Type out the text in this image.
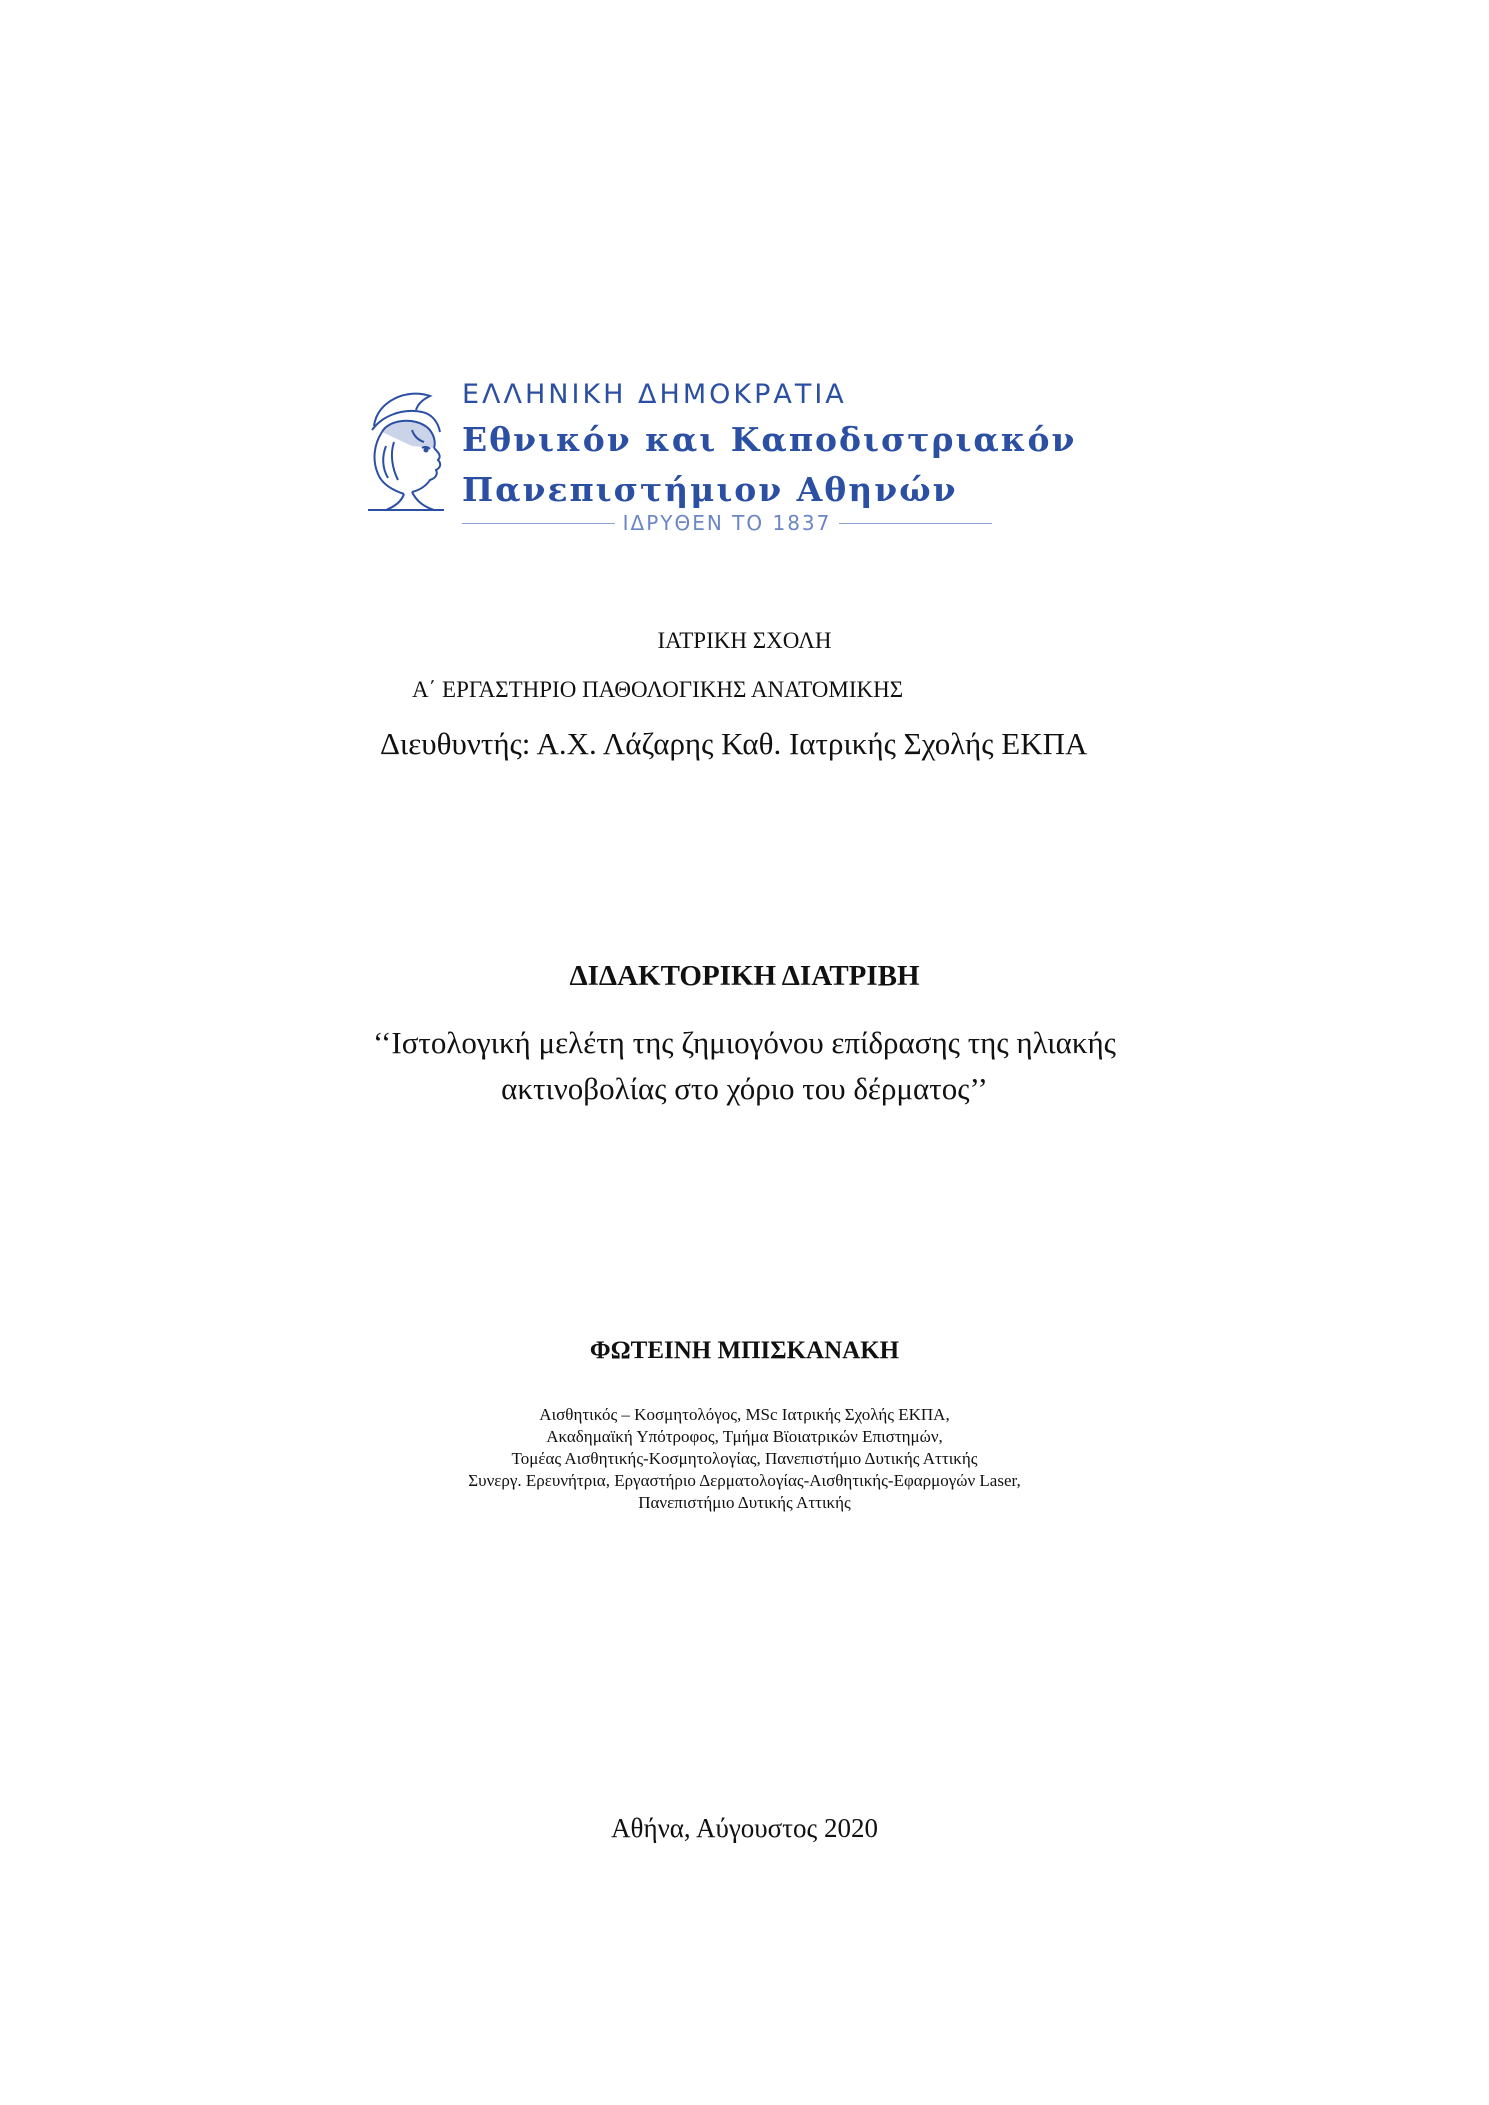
ΕΛΛΗΝΙΚΗ ΔΗΜΟΚΡΑΤΙΑ
Εθνικόν και Καποδιστριακόν
Πανεπιστήμιον Αθηνών
ΙΔΡΥΘΕΝ ΤΟ 1837
ΙΑΤΡΙΚΗ ΣΧΟΛΗ
Α΄ ΕΡΓΑΣΤΗΡΙΟ ΠΑΘΟΛΟΓΙΚΗΣ ΑΝΑΤΟΜΙΚΗΣ
Διευθυντής: Α.Χ. Λάζαρης Καθ. Ιατρικής Σχολής ΕΚΠΑ
ΔΙΔΑΚΤΟΡΙΚΗ ΔΙΑΤΡΙΒΗ
‘‘Ιστολογική μελέτη της ζημιογόνου επίδρασης της ηλιακής
ακτινοβολίας στο χόριο του δέρματος’’
ΦΩΤΕΙΝΗ ΜΠΙΣΚΑΝΑΚΗ
Αισθητικός – Κοσμητολόγος, MSc Ιατρικής Σχολής ΕΚΠΑ,
Ακαδημαϊκή Υπότροφος, Τμήμα Βϊοιατρικών Επιστημών,
Τομέας Αισθητικής-Κοσμητολογίας, Πανεπιστήμιο Δυτικής Αττικής
Συνεργ. Ερευνήτρια, Εργαστήριο Δερματολογίας-Αισθητικής-Εφαρμογών Laser,
Πανεπιστήμιο Δυτικής Αττικής
Αθήνα, Αύγουστος 2020
